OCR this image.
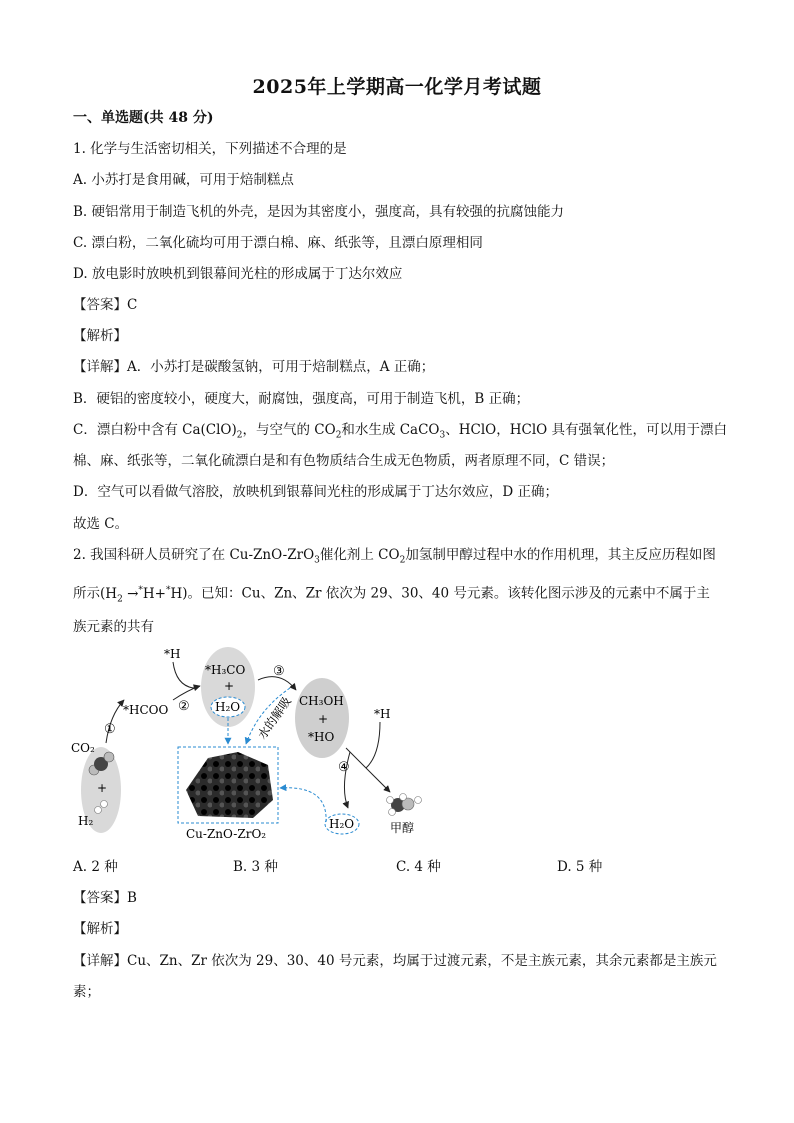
2025年上学期高一化学月考试题
一、单选题(共 48 分)
1. 化学与生活密切相关，下列描述不合理的是
A. 小苏打是食用碱，可用于焙制糕点
B. 硬铝常用于制造飞机的外壳，是因为其密度小，强度高，具有较强的抗腐蚀能力
C. 漂白粉，二氧化硫均可用于漂白棉、麻、纸张等，且漂白原理相同
D. 放电影时放映机到银幕间光柱的形成属于丁达尔效应
【答案】C
【解析】
【详解】A．小苏打是碳酸氢钠，可用于焙制糕点，A 正确；
B．硬铝的密度较小，硬度大，耐腐蚀，强度高，可用于制造飞机，B 正确；
C．漂白粉中含有 $Ca(ClO)_2$，与空气的 $CO_2$和水生成 CaCO$_3$、HClO，HClO 具有强氧化性，可以用于漂白
棉、麻、纸张等，二氧化硫漂白是和有色物质结合生成无色物质，两者原理不同，C 错误；
D．空气可以看做气溶胶，放映机到银幕间光柱的形成属于丁达尔效应，D 正确；
故选 C。
2. 我国科研人员研究了在 Cu-ZnO-ZrO$_3$催化剂上 $CO_2$加氢制甲醇过程中水的作用机理，其主反应历程如图
所示$(H_2 \to^*H+^*H)$。已知：Cu、Zn、Zr 依次为 29、30、40 号元素。该转化图示涉及的元素中不属于主
族元素的共有
CO₂
+
H₂
①
*HCOO
*H
②
*H₃CO
+
H₂O
③
水的解吸
Cu-ZnO-ZrO₂
CH₃OH
+
*HO
*H
④
H₂O	甲醇
A. 2 种	B. 3 种	C. 4 种	D. 5 种
【答案】B
【解析】
【详解】Cu、Zn、Zr 依次为 29、30、40 号元素，均属于过渡元素，不是主族元素，其余元素都是主族元
素；
